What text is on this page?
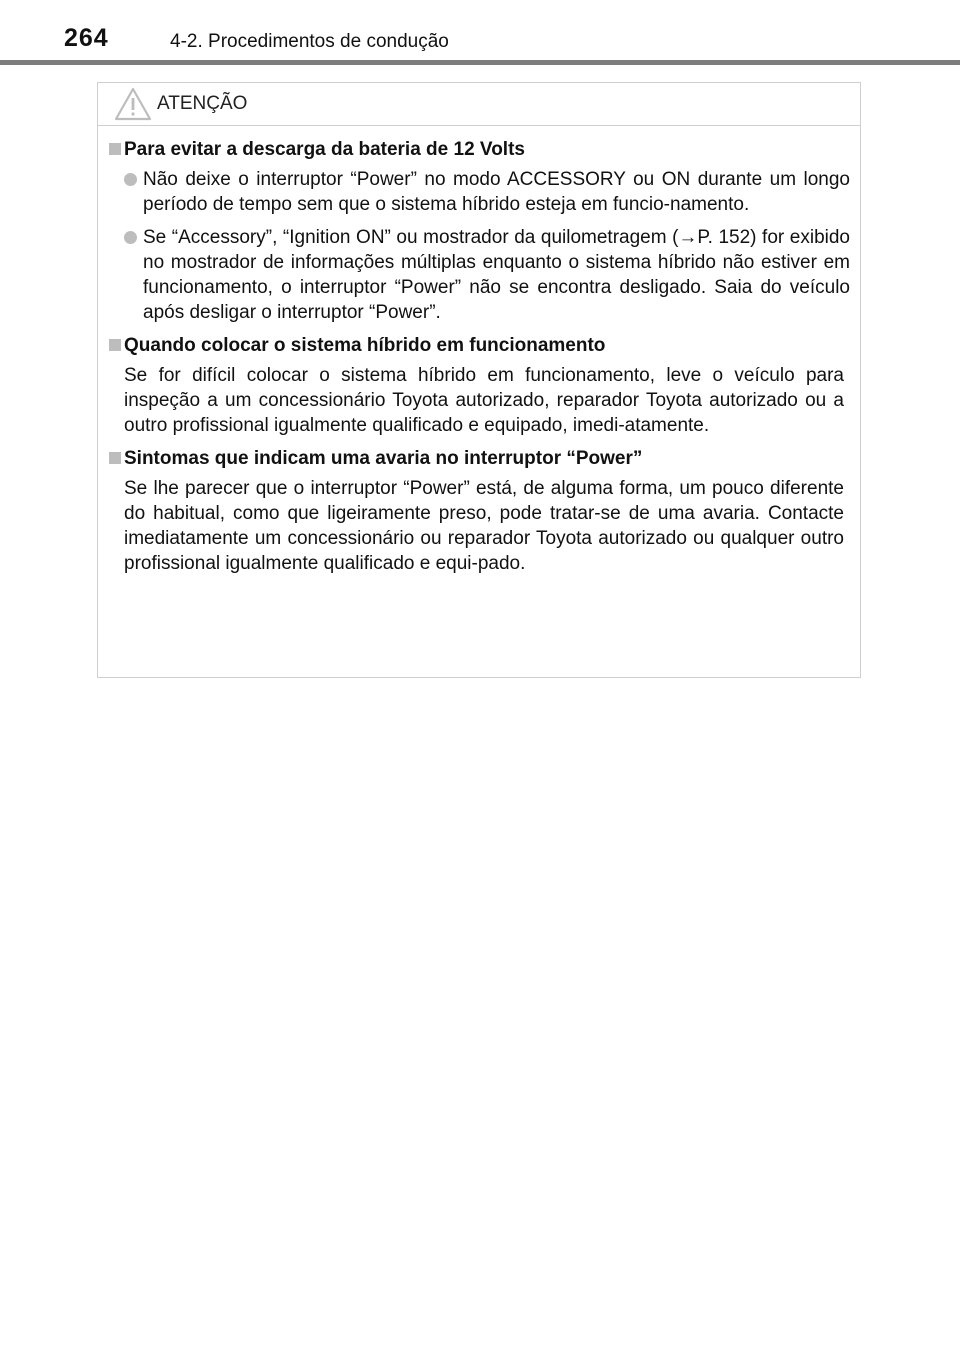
264	4-2. Procedimentos de condução
ATENÇÃO
Para evitar a descarga da bateria de 12 Volts
Não deixe o interruptor “Power” no modo ACCESSORY ou ON durante um longo período de tempo sem que o sistema híbrido esteja em funcio-namento.
Se “Accessory”, “Ignition ON” ou mostrador da quilometragem (→P. 152) for exibido no mostrador de informações múltiplas enquanto o sistema híbrido não estiver em funcionamento, o interruptor “Power” não se encontra desligado. Saia do veículo após desligar o interruptor “Power”.
Quando colocar o sistema híbrido em funcionamento
Se for difícil colocar o sistema híbrido em funcionamento, leve o veículo para inspeção a um concessionário Toyota autorizado, reparador Toyota autorizado ou a outro profissional igualmente qualificado e equipado, imedi-atamente.
Sintomas que indicam uma avaria no interruptor “Power”
Se lhe parecer que o interruptor “Power” está, de alguma forma, um pouco diferente do habitual, como que ligeiramente preso, pode tratar-se de uma avaria. Contacte imediatamente um concessionário ou reparador Toyota autorizado ou qualquer outro profissional igualmente qualificado e equi-pado.
